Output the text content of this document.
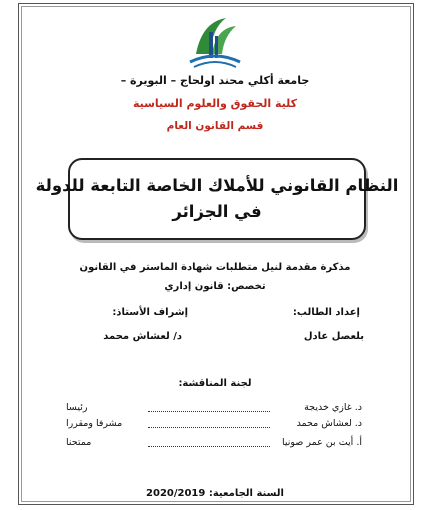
جامعة أكلي محند اولحاج – البويرة –
كلية الحقوق والعلوم السياسية
قسم القانون العام
النظام القانوني للأملاك الخاصة التابعة للدولة
في الجزائر
مذكرة مقدمة لنيل متطلبات شهادة الماستر في القانون
تخصص: قانون إداري
إعداد الطالب:
إشراف الأستاذ:
بلعصل عادل
د/ لعشاش محمد
لجنة المناقشة:
د. غازي خديجة
رئيسا
د. لعشاش محمد
مشرفا ومقررا
أ. أيت بن عمر صونيا
ممتحنا
السنة الجامعية: 2020/2019
